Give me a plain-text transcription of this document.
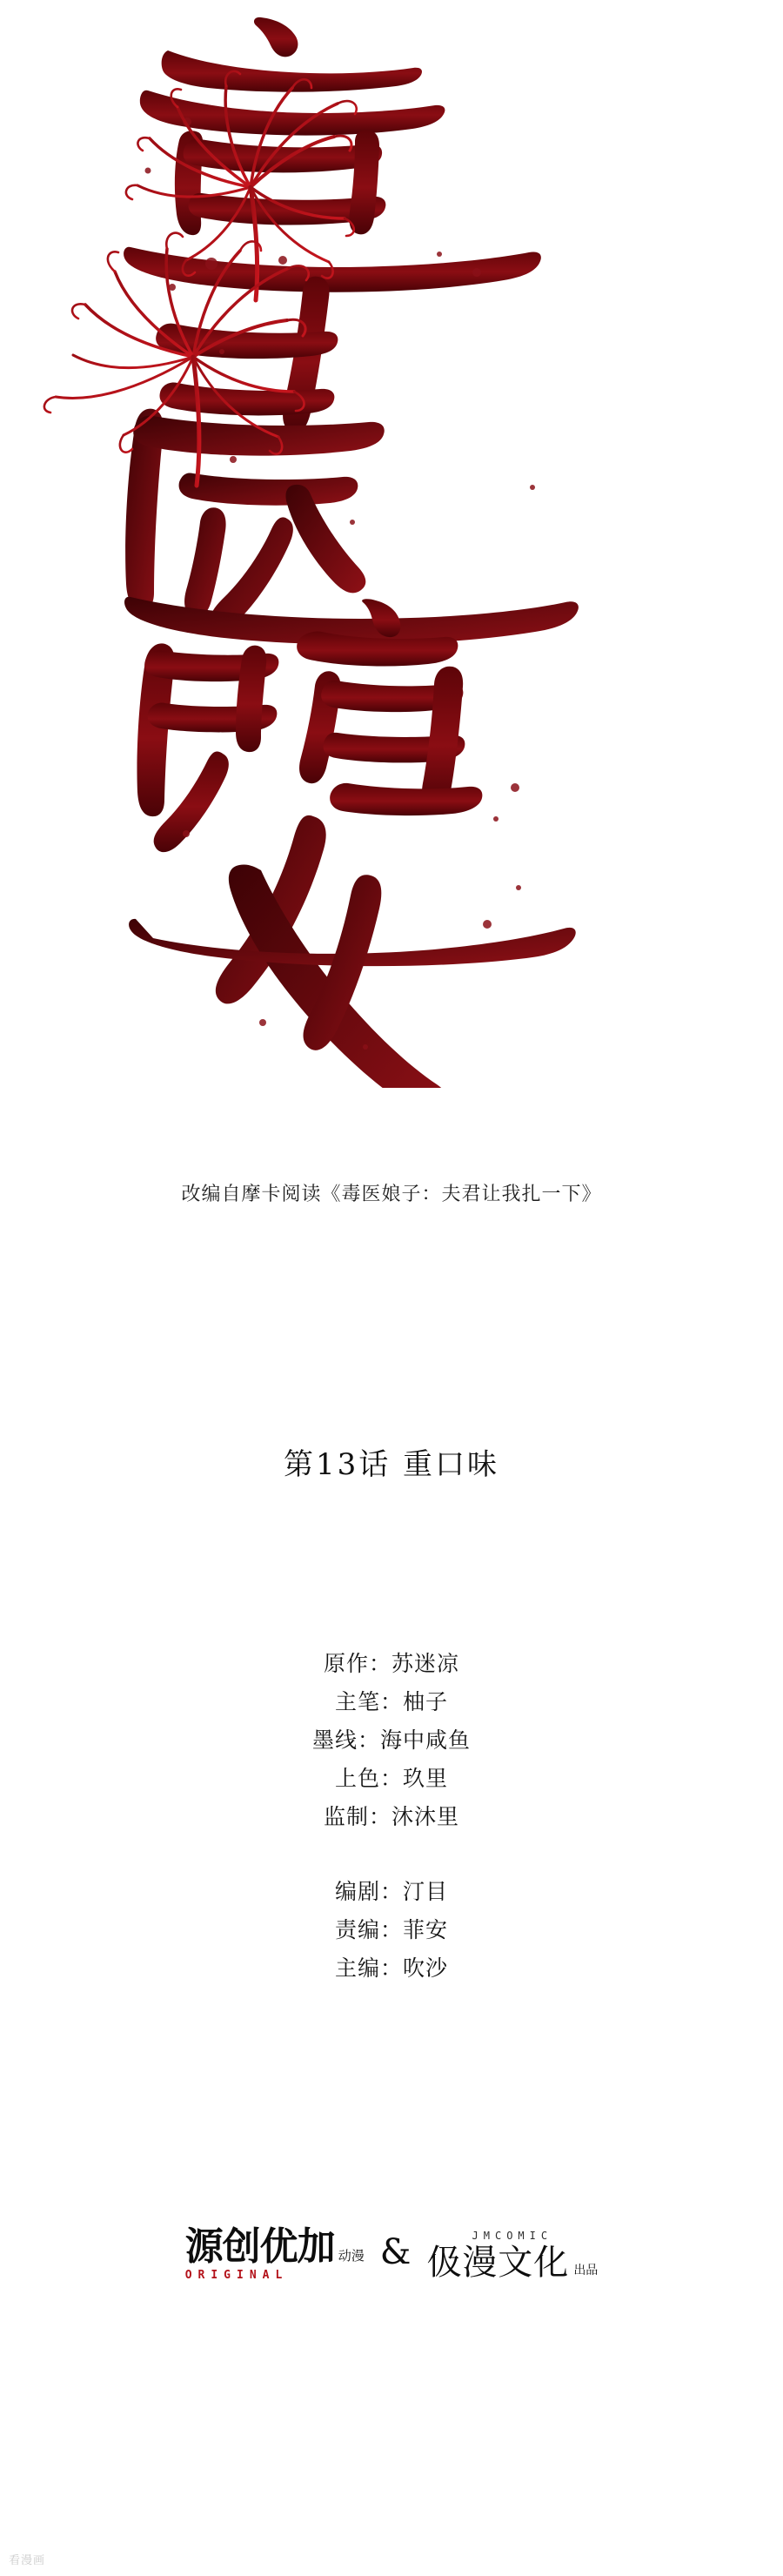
改编自摩卡阅读《毒医娘子：夫君让我扎一下》
第13话 重口味
原作：苏迷凉
主笔：柚子
墨线：海中咸鱼
上色：玖里
监制：沐沐里
编剧：汀目
责编：菲安
主编：吹沙
源创优加 动漫
ORIGINAL
&	JMCOMIC
伋漫文化 出品
看漫画
